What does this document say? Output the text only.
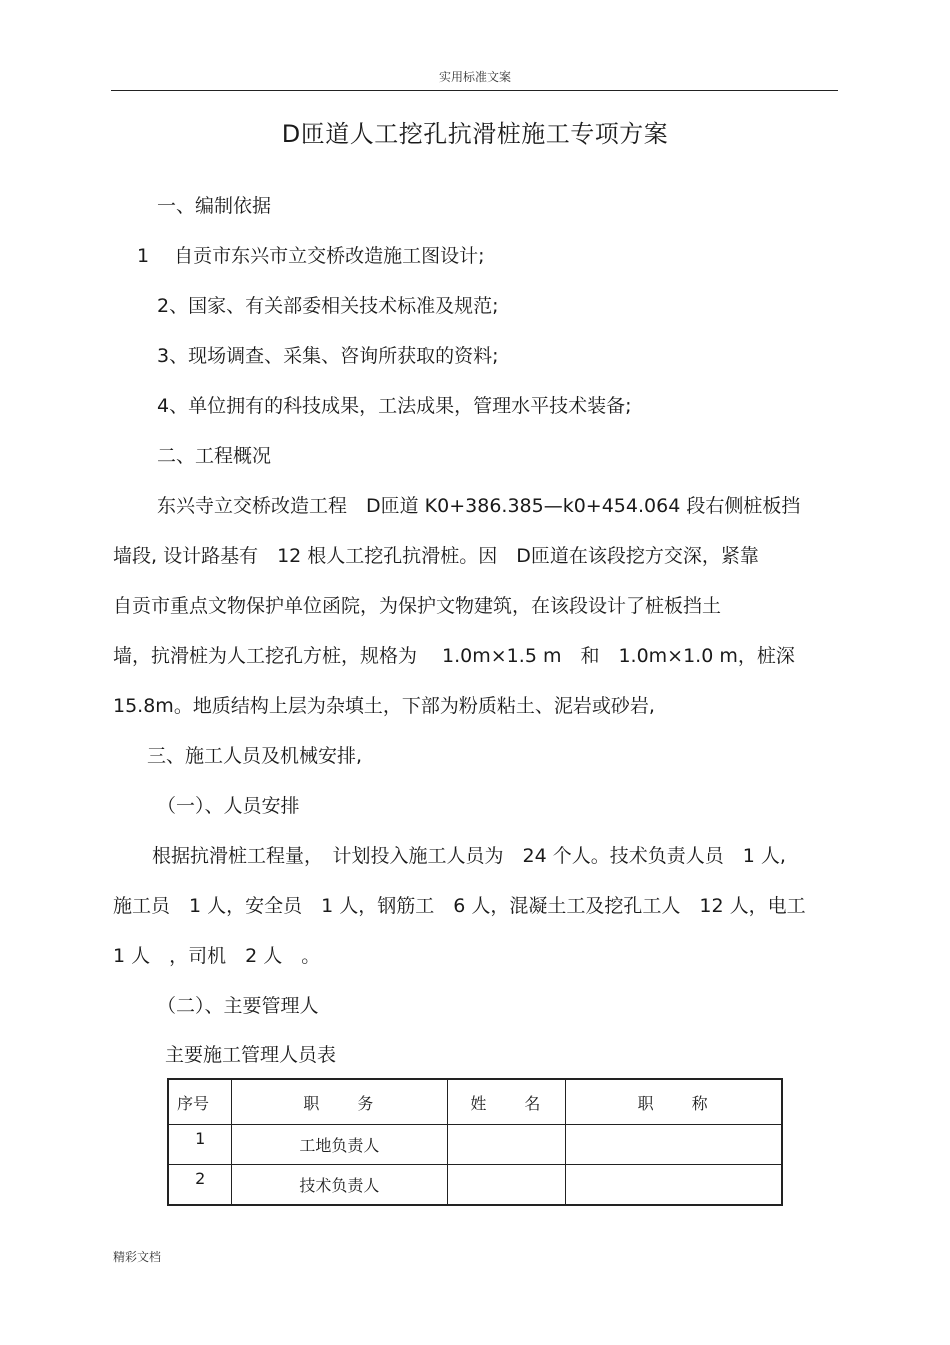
实用标准文案
D匝道人工挖孔抗滑桩施工专项方案
一、编制依据
1　 自贡市东兴市立交桥改造施工图设计;
2、国家、有关部委相关技术标准及规范;
3、现场调查、采集、咨询所获取的资料;
4、单位拥有的科技成果，工法成果，管理水平技术装备;
二、工程概况
东兴寺立交桥改造工程　D匝道 K0+386.385—k0+454.064 段右侧桩板挡
墙段, 设计路基有　12 根人工挖孔抗滑桩。因　D匝道在该段挖方交深，紧靠
自贡市重点文物保护单位函院，为保护文物建筑，在该段设计了桩板挡土
墙，抗滑桩为人工挖孔方桩，规格为　 1.0m×1.5 m　和　1.0m×1.0 m，桩深
15.8m。地质结构上层为杂填土，下部为粉质粘土、泥岩或砂岩,
三、施工人员及机械安排,
（一）、人员安排
根据抗滑桩工程量，　计划投入施工人员为　24 个人。技术负责人员　1 人,
施工员　1 人，安全员　1 人，钢筋工　6 人，混凝土工及挖孔工人　12 人，电工
1 人　，司机　2 人　。
（二）、主要管理人
主要施工管理人员表
序号	职　　务	姓　　名	职　　称
1	工地负责人		
2	技术负责人		
精彩文档
